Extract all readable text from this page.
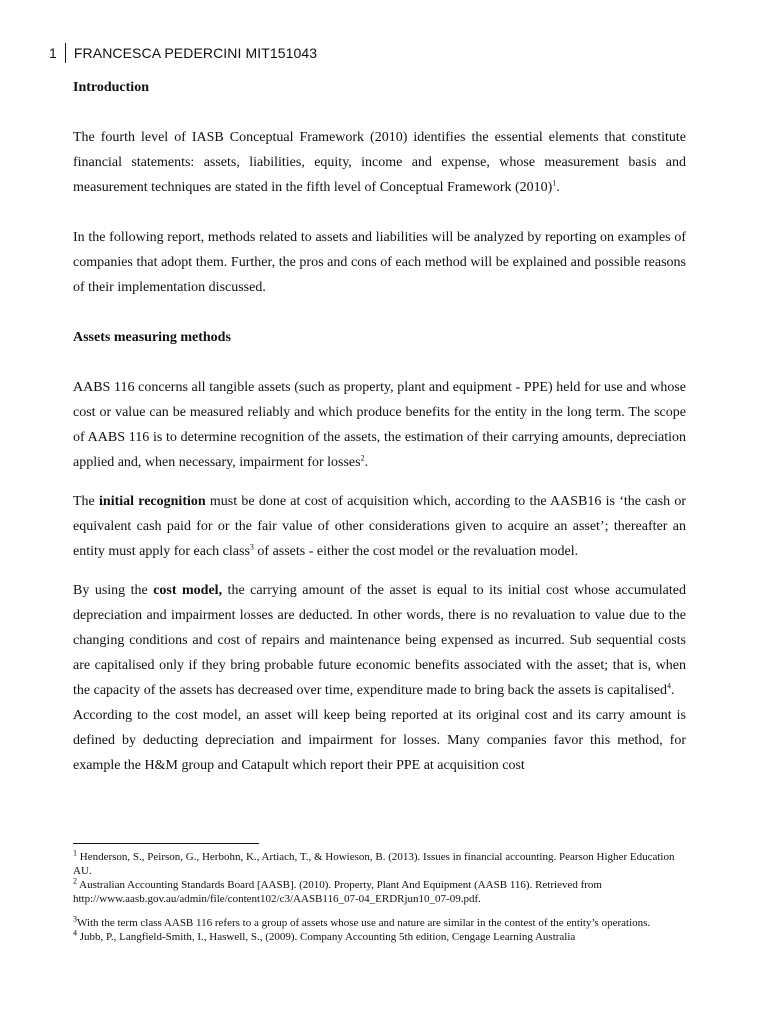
1 FRANCESCA PEDERCINI MIT151043
Introduction

The fourth level of IASB Conceptual Framework (2010) identifies the essential elements that constitute financial statements: assets, liabilities, equity, income and expense, whose measurement basis and measurement techniques are stated in the fifth level of Conceptual Framework $(2010)^1$.

In the following report, methods related to assets and liabilities will be analyzed by reporting on examples of companies that adopt them. Further, the pros and cons of each method will be explained and possible reasons of their implementation discussed.

Assets measuring methods

AABS 116 concerns all tangible assets (such as property, plant and equipment - PPE) held for use and whose cost or value can be measured reliably and which produce benefits for the entity in the long term. The scope of AABS 116 is to determine recognition of the assets, the estimation of their carrying amounts, depreciation applied and, when necessary, impairment for losses$^2$.

The initial recognition must be done at cost of acquisition which, according to the AASB16 is ‘the cash or equivalent cash paid for or the fair value of other considerations given to acquire an asset’; thereafter an entity must apply for each class$^3$ of assets - either the cost model or the revaluation model.

By using the cost model, the carrying amount of the asset is equal to its initial cost whose accumulated depreciation and impairment losses are deducted. In other words, there is no revaluation to value due to the changing conditions and cost of repairs and maintenance being expensed as incurred. Sub sequential costs are capitalised only if they bring probable future economic benefits associated with the asset; that is, when the capacity of the assets has decreased over time, expenditure made to bring back the assets is capitalised$^4$.

According to the cost model, an asset will keep being reported at its original cost and its carry amount is defined by deducting depreciation and impairment for losses. Many companies favor this method, for example the H&M group and Catapult which report their PPE at acquisition cost

$^1$ Henderson, S., Peirson, G., Herbohn, K., Artiach, T., & Howieson, B. (2013). Issues in financial accounting. Pearson Higher Education AU.

$^2$ Australian Accounting Standards Board [AASB]. (2010). Property, Plant And Equipment (AASB 116). Retrieved from http://www.aasb.gov.au/admin/file/content102/c3/AASB116_07-04_ERDRjun10_07-09.pdf.

$^3$With the term class AASB 116 refers to a group of assets whose use and nature are similar in the contest of the entity’s operations.

$^4$ Jubb, P., Langfield-Smith, I., Haswell, S., (2009). Company Accounting 5th edition, Cengage Learning Australia
